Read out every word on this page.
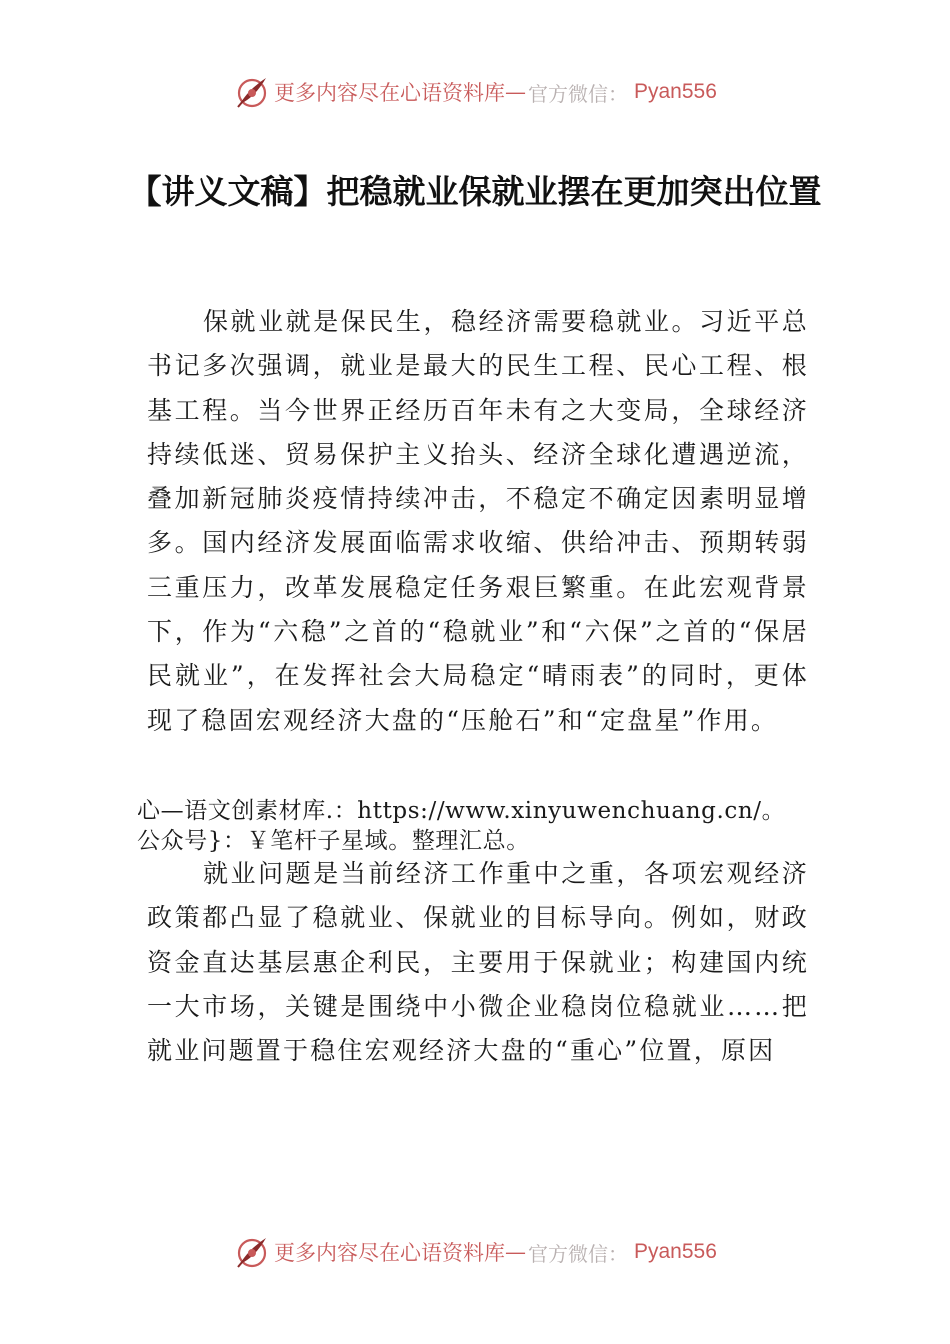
更多内容尽在心语资料库 — 官方微信： Pyan556
【讲义文稿】把稳就业保就业摆在更加突出位置

保就业就是保民生，稳经济需要稳就业。习近平总书记多次强调，就业是最大的民生工程、民心工程、根基工程。当今世界正经历百年未有之大变局，全球经济持续低迷、贸易保护主义抬头、经济全球化遭遇逆流，叠加新冠肺炎疫情持续冲击，不稳定不确定因素明显增多。国内经济发展面临需求收缩、供给冲击、预期转弱三重压力，改革发展稳定任务艰巨繁重。在此宏观背景下，作为“六稳”之首的“稳就业”和“六保”之首的“保居民就业”，在发挥社会大局稳定“晴雨表”的同时，更体现了稳固宏观经济大盘的“压舱石”和“定盘星”作用。

心—语文创素材库.：https://www.xinyuwenchuang.cn/。
公众号}：￥笔杆子星域。整理汇总。

就业问题是当前经济工作重中之重，各项宏观经济政策都凸显了稳就业、保就业的目标导向。例如，财政资金直达基层惠企利民，主要用于保就业；构建国内统一大市场，关键是围绕中小微企业稳岗位稳就业……把就业问题置于稳住宏观经济大盘的“重心”位置，原因

更多内容尽在心语资料库 — 官方微信： Pyan556
